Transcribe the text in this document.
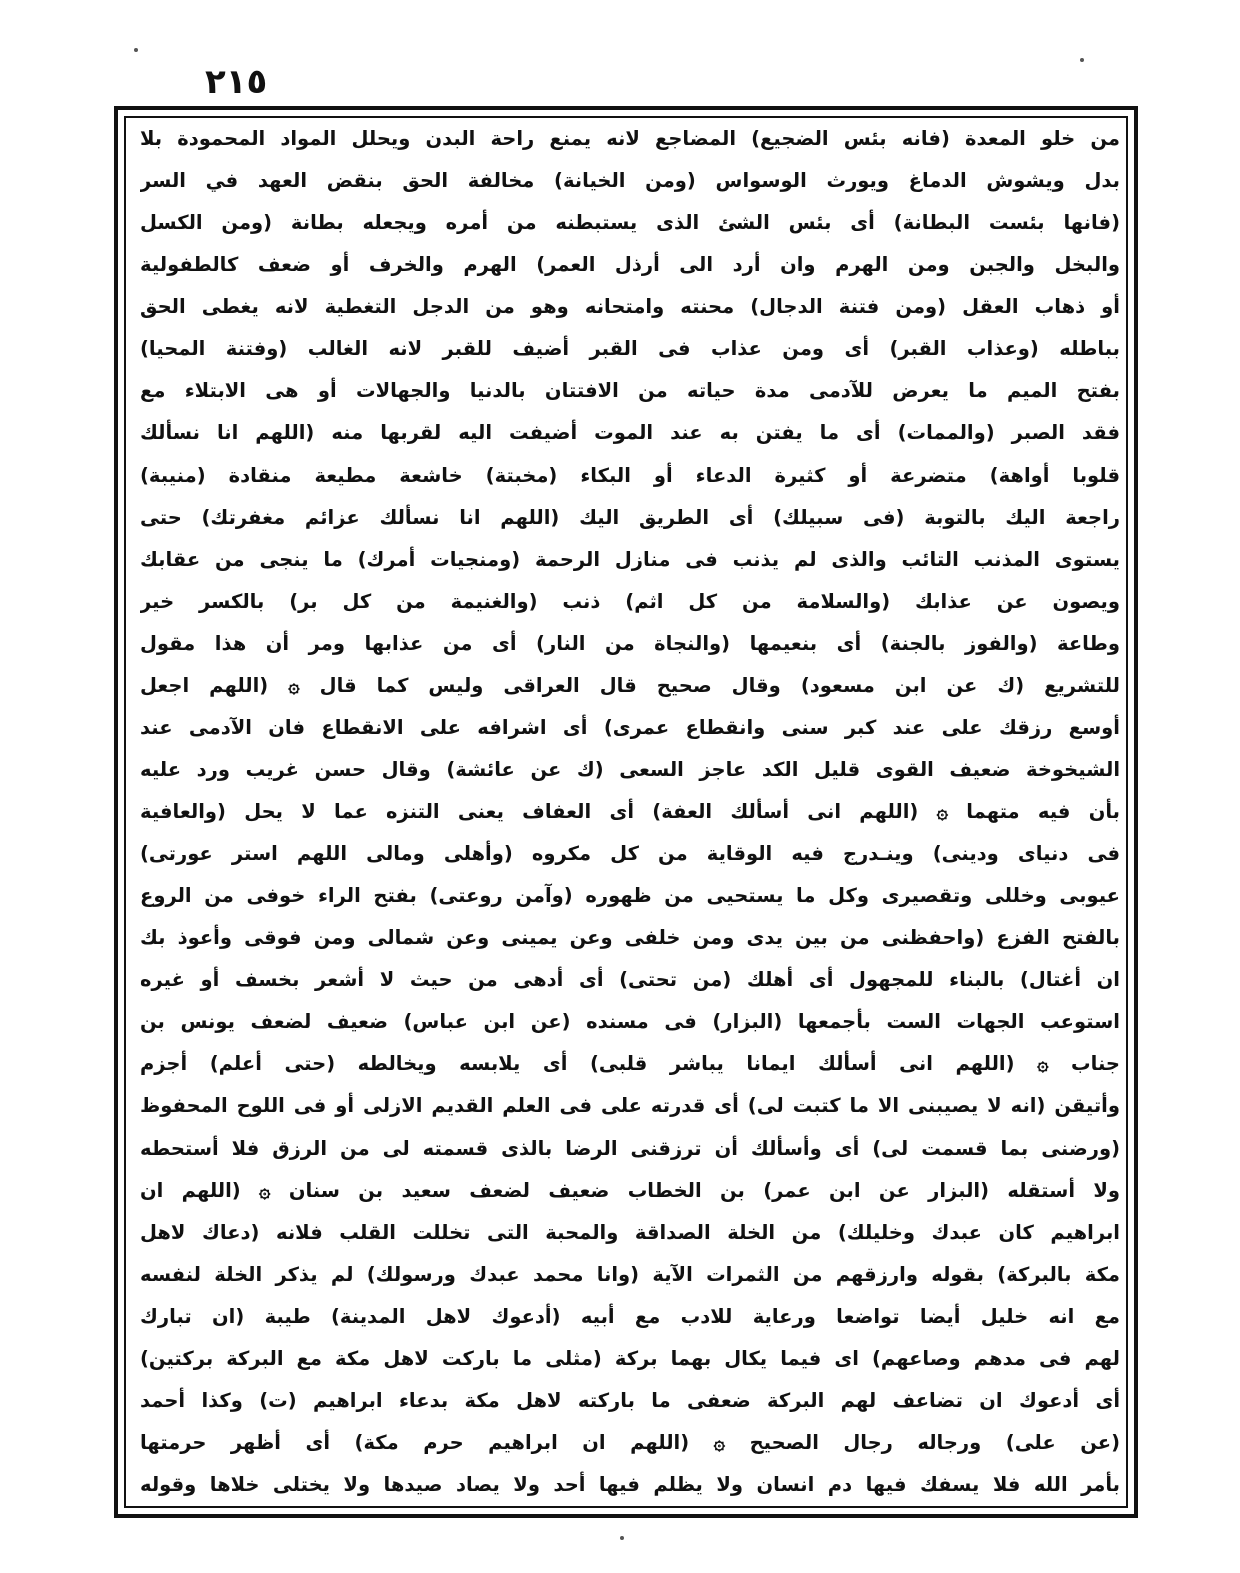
٢١٥
من خلو المعدة (فانه بئس الضجيع) المضاجع لانه يمنع راحة البدن ويحلل المواد المحمودة بلا
بدل ويشوش الدماغ ويورث الوسواس (ومن الخيانة) مخالفة الحق بنقض العهد في السر
(فانها بئست البطانة) أى بئس الشئ الذى يستبطنه من أمره ويجعله بطانة (ومن الكسل
والبخل والجبن ومن الهرم وان أرد الى أرذل العمر) الهرم والخرف أو ضعف كالطفولية
أو ذهاب العقل (ومن فتنة الدجال) محنته وامتحانه وهو من الدجل التغطية لانه يغطى الحق
بباطله (وعذاب القبر) أى ومن عذاب فى القبر أضيف للقبر لانه الغالب (وفتنة المحيا)
بفتح الميم ما يعرض للآدمى مدة حياته من الافتتان بالدنيا والجهالات أو هى الابتلاء مع
فقد الصبر (والممات) أى ما يفتن به عند الموت أضيفت اليه لقربها منه (اللهم انا نسألك
قلوبا أواهة) متضرعة أو كثيرة الدعاء أو البكاء (مخبتة) خاشعة مطيعة منقادة (منيبة)
راجعة اليك بالتوبة (فى سبيلك) أى الطريق اليك (اللهم انا نسألك عزائم مغفرتك) حتى
يستوى المذنب التائب والذى لم يذنب فى منازل الرحمة (ومنجيات أمرك) ما ينجى من عقابك
ويصون عن عذابك (والسلامة من كل اثم) ذنب (والغنيمة من كل بر) بالكسر خير
وطاعة (والفوز بالجنة) أى بنعيمها (والنجاة من النار) أى من عذابها ومر أن هذا مقول
للتشريع (ك عن ابن مسعود) وقال صحيح قال العراقى وليس كما قال ۞ (اللهم اجعل
أوسع رزقك على عند كبر سنى وانقطاع عمرى) أى اشرافه على الانقطاع فان الآدمى عند
الشيخوخة ضعيف القوى قليل الكد عاجز السعى (ك عن عائشة) وقال حسن غريب ورد عليه
بأن فيه متهما ۞ (اللهم انى أسألك العفة) أى العفاف يعنى التنزه عما لا يحل (والعافية
فى دنياى ودينى) وينـدرج فيه الوقاية من كل مكروه (وأهلى ومالى اللهم استر عورتى)
عيوبى وخللى وتقصيرى وكل ما يستحيى من ظهوره (وآمن روعتى) بفتح الراء خوفى من الروع
بالفتح الفزع (واحفظنى من بين يدى ومن خلفى وعن يمينى وعن شمالى ومن فوقى وأعوذ بك
ان أغتال) بالبناء للمجهول أى أهلك (من تحتى) أى أدهى من حيث لا أشعر بخسف أو غيره
استوعب الجهات الست بأجمعها (البزار) فى مسنده (عن ابن عباس) ضعيف لضعف يونس بن
جناب ۞ (اللهم انى أسألك ايمانا يباشر قلبى) أى يلابسه ويخالطه (حتى أعلم) أجزم
وأتيقن (انه لا يصيبنى الا ما كتبت لى) أى قدرته على فى العلم القديم الازلى أو فى اللوح المحفوظ
(ورضنى بما قسمت لى) أى وأسألك أن ترزقنى الرضا بالذى قسمته لى من الرزق فلا أستحطه
ولا أستقله (البزار عن ابن عمر) بن الخطاب ضعيف لضعف سعيد بن سنان ۞ (اللهم ان
ابراهيم كان عبدك وخليلك) من الخلة الصداقة والمحبة التى تخللت القلب فلانه (دعاك لاهل
مكة بالبركة) بقوله وارزقهم من الثمرات الآية (وانا محمد عبدك ورسولك) لم يذكر الخلة لنفسه
مع انه خليل أيضا تواضعا ورعاية للادب مع أبيه (أدعوك لاهل المدينة) طيبة (ان تبارك
لهم فى مدهم وصاعهم) اى فيما يكال بهما بركة (مثلى ما باركت لاهل مكة مع البركة بركتين)
أى أدعوك ان تضاعف لهم البركة ضعفى ما باركته لاهل مكة بدعاء ابراهيم (ت) وكذا أحمد
(عن على) ورجاله رجال الصحيح ۞ (اللهم ان ابراهيم حرم مكة) أى أظهر حرمتها
بأمر الله فلا يسفك فيها دم انسان ولا يظلم فيها أحد ولا يصاد صيدها ولا يختلى خلاها وقوله
